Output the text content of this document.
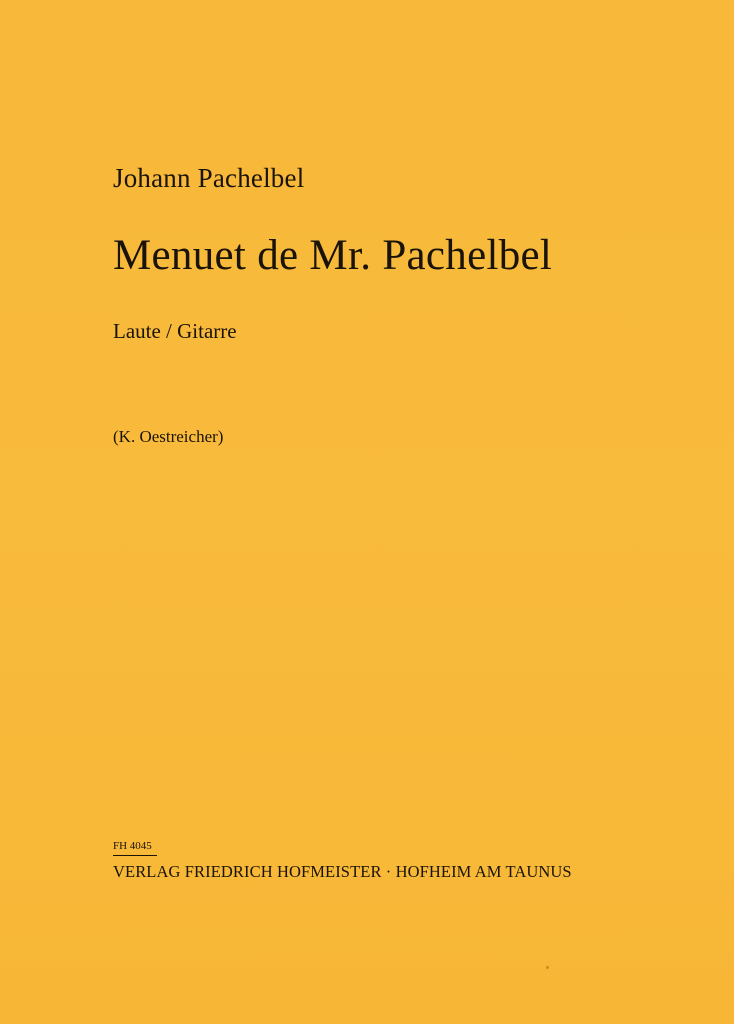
Johann Pachelbel
Menuet de Mr. Pachelbel
Laute / Gitarre
(K. Oestreicher)
FH 4045
VERLAG FRIEDRICH HOFMEISTER · HOFHEIM AM TAUNUS
